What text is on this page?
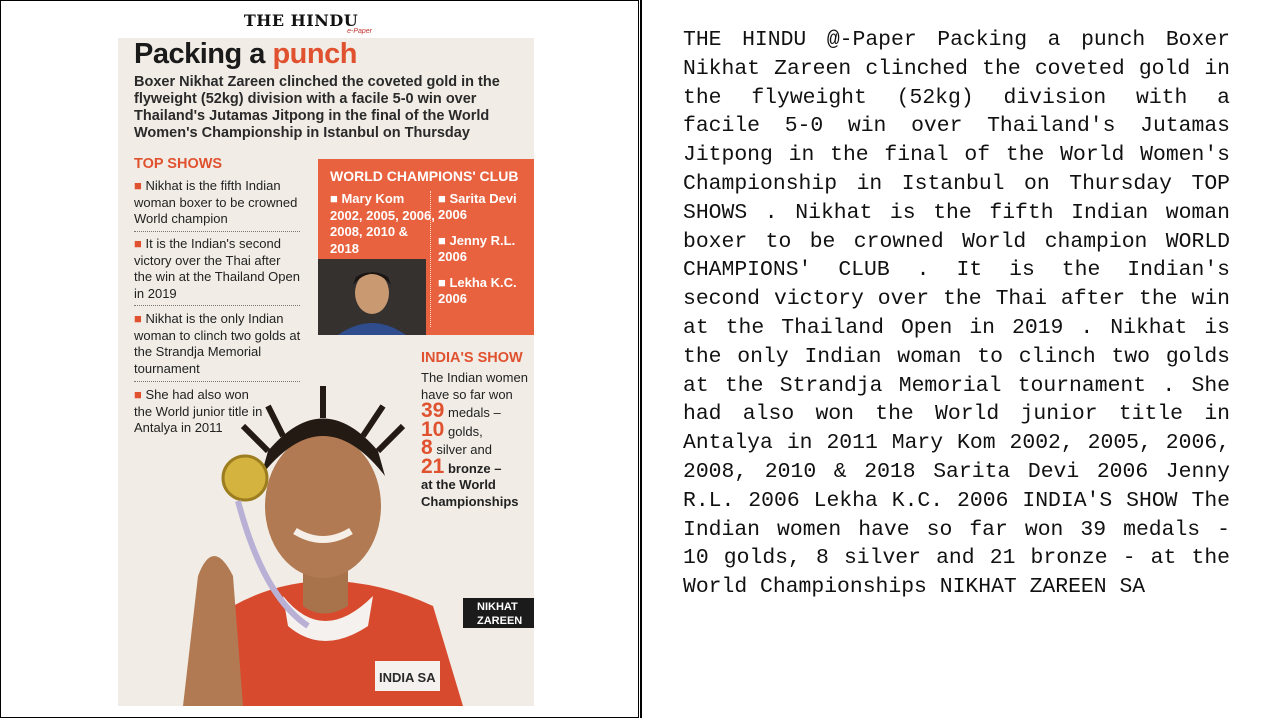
THE HINDU
e-Paper
Packing a punch
Boxer Nikhat Zareen clinched the coveted gold in the flyweight (52kg) division with a facile 5-0 win over Thailand's Jutamas Jitpong in the final of the World Women's Championship in Istanbul on Thursday
TOP SHOWS
■ Nikhat is the fifth Indian woman boxer to be crowned World champion
■ It is the Indian's second victory over the Thai after the win at the Thailand Open in 2019
■ Nikhat is the only Indian woman to clinch two golds at the Strandja Memorial tournament
■ She had also won the World junior title in Antalya in 2011
WORLD CHAMPIONS' CLUB
■ Mary Kom 2002, 2005, 2006, 2008, 2010 & 2018
■ Sarita Devi 2006
■ Jenny R.L. 2006
■ Lekha K.C. 2006
INDIA'S SHOW
The Indian women have so far won
39 medals –
10 golds,
8 silver and
21 bronze –
at the World Championships
INDIA SA
NIKHAT
ZAREEN
THE HINDU @-Paper Packing a punch Boxer Nikhat Zareen clinched the coveted gold in the flyweight (52kg) division with a facile 5-0 win over Thailand's Jutamas Jitpong in the final of the World Women's Championship in Istanbul on Thursday TOP SHOWS . Nikhat is the fifth Indian woman boxer to be crowned World champion WORLD CHAMPIONS' CLUB . It is the Indian's second victory over the Thai after the win at the Thailand Open in 2019 . Nikhat is the only Indian woman to clinch two golds at the Strandja Memorial tournament . She had also won the World junior title in Antalya in 2011 Mary Kom 2002, 2005, 2006, 2008, 2010 & 2018 Sarita Devi 2006 Jenny R.L. 2006 Lekha K.C. 2006 INDIA'S SHOW The Indian women have so far won 39 medals - 10 golds, 8 silver and 21 bronze - at the World Championships NIKHAT ZAREEN SA
